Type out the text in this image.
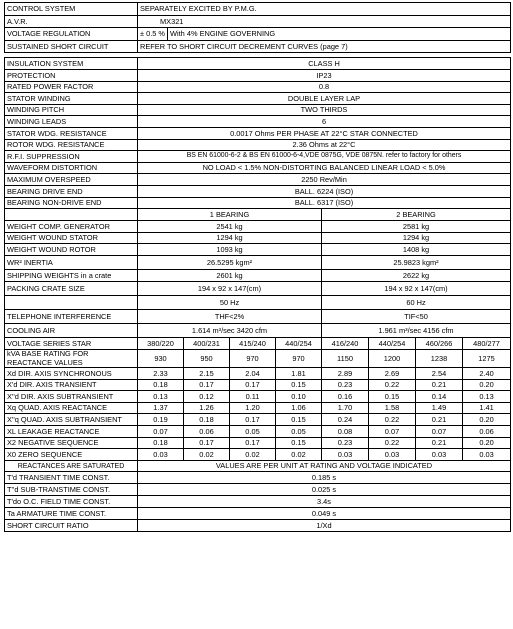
CONTROL SYSTEM	SEPARATELY EXCITED BY P.M.G.	
A.V.R.	MX321	
VOLTAGE REGULATION	± 0.5 %	With 4% ENGINE GOVERNING
SUSTAINED SHORT CIRCUIT	REFER TO SHORT CIRCUIT DECREMENT CURVES (page 7)	
INSULATION SYSTEM	CLASS H							
PROTECTION	IP23							
RATED POWER FACTOR	0.8							
STATOR WINDING	DOUBLE LAYER LAP							
WINDING PITCH	TWO THIRDS							
WINDING LEADS	6							
STATOR WDG. RESISTANCE	0.0017 Ohms PER PHASE AT 22°C STAR CONNECTED							
ROTOR WDG. RESISTANCE	2.36 Ohms at 22°C							
R.F.I. SUPPRESSION	BS EN 61000-6-2 & BS EN 61000-6-4,VDE 0875G, VDE 0875N. refer to factory for others							
WAVEFORM DISTORTION	NO LOAD < 1.5% NON-DISTORTING BALANCED LINEAR LOAD < 5.0%							
MAXIMUM OVERSPEED	2250 Rev/Min							
BEARING DRIVE END	BALL. 6224 (ISO)							
BEARING NON-DRIVE END	BALL. 6317 (ISO)							
	1 BEARING				2 BEARING			
WEIGHT COMP. GENERATOR	2541 kg				2581 kg			
WEIGHT WOUND STATOR	1294 kg				1294 kg			
WEIGHT WOUND ROTOR	1093 kg				1408 kg			
WR² INERTIA	26.5295 kgm²				25.9823 kgm²			
SHIPPING WEIGHTS in a crate	2601 kg				2622 kg			
PACKING CRATE SIZE	194 x 92 x 147(cm)				194 x 92 x 147(cm)			
	50 Hz				60 Hz			
TELEPHONE INTERFERENCE	THF<2%				TIF<50			
COOLING AIR	1.614 m³/sec 3420 cfm				1.961 m³/sec 4156 cfm			
VOLTAGE SERIES STAR	380/220	400/231	415/240	440/254	416/240	440/254	460/266	480/277
kVA BASE RATING FOR REACTANCE VALUES	930	950	970	970	1150	1200	1238	1275
Xd DIR. AXIS SYNCHRONOUS	2.33	2.15	2.04	1.81	2.89	2.69	2.54	2.40
X'd DIR. AXIS TRANSIENT	0.18	0.17	0.17	0.15	0.23	0.22	0.21	0.20
X''d DIR. AXIS SUBTRANSIENT	0.13	0.12	0.11	0.10	0.16	0.15	0.14	0.13
Xq QUAD. AXIS REACTANCE	1.37	1.26	1.20	1.06	1.70	1.58	1.49	1.41
X''q QUAD. AXIS SUBTRANSIENT	0.19	0.18	0.17	0.15	0.24	0.22	0.21	0.20
XL LEAKAGE REACTANCE	0.07	0.06	0.05	0.05	0.08	0.07	0.07	0.06
X2 NEGATIVE SEQUENCE	0.18	0.17	0.17	0.15	0.23	0.22	0.21	0.20
X0 ZERO SEQUENCE	0.03	0.02	0.02	0.02	0.03	0.03	0.03	0.03
REACTANCES ARE SATURATED	VALUES ARE PER UNIT AT RATING AND VOLTAGE INDICATED							
T'd TRANSIENT TIME CONST.	0.185 s							
T''d SUB-TRANSTIME CONST.	0.025 s							
T'do O.C. FIELD TIME CONST.	3.4s							
Ta ARMATURE TIME CONST.	0.049 s							
SHORT CIRCUIT RATIO	1/Xd							
